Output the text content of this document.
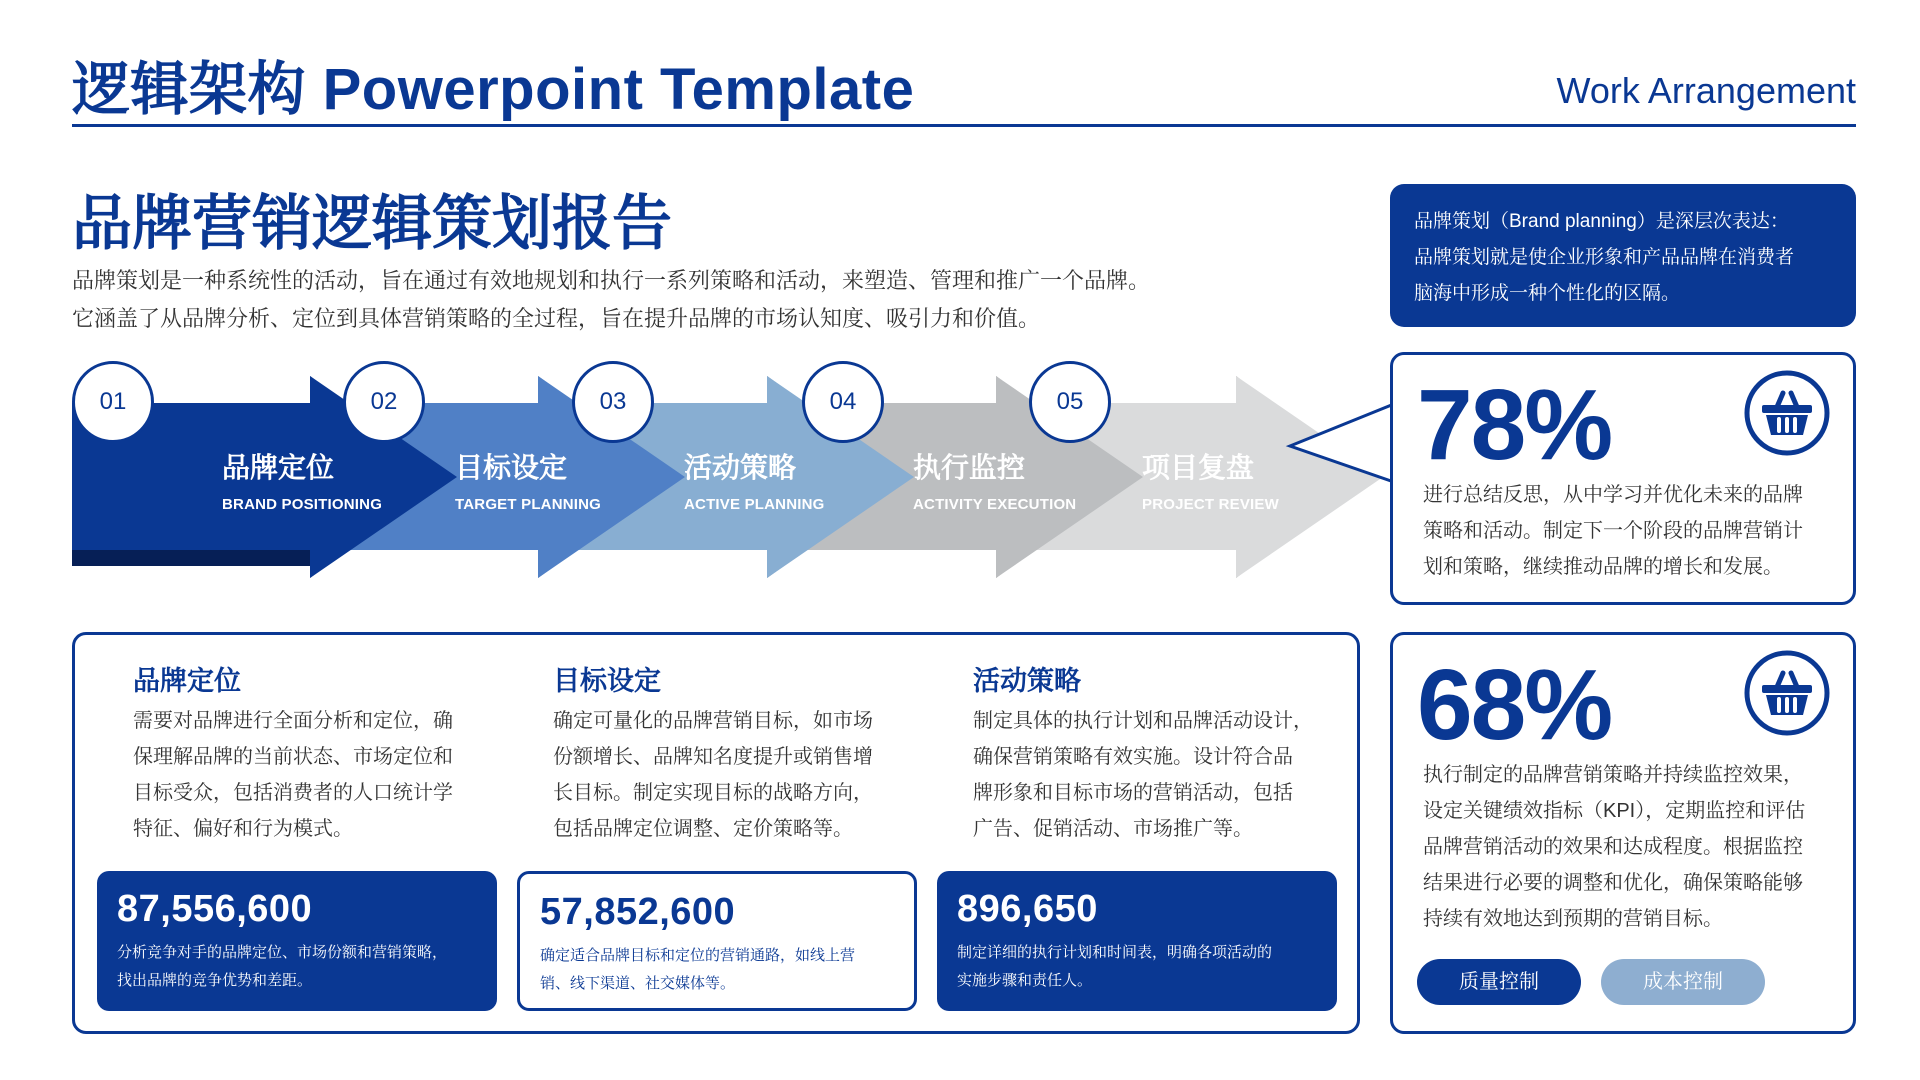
逻辑架构 Powerpoint Template	Work Arrangement
品牌营销逻辑策划报告
品牌策划是一种系统性的活动，旨在通过有效地规划和执行一系列策略和活动，来塑造、管理和推广一个品牌。
它涵盖了从品牌分析、定位到具体营销策略的全过程，旨在提升品牌的市场认知度、吸引力和价值。
品牌策划（Brand planning）是深层次表达：
品牌策划就是使企业形象和产品品牌在消费者
脑海中形成一种个性化的区隔。
01
品牌定位
BRAND POSITIONING
02
目标设定
TARGET PLANNING
03
活动策略
ACTIVE PLANNING
04
执行监控
ACTIVITY EXECUTION
05
项目复盘
PROJECT REVIEW
品牌定位
需要对品牌进行全面分析和定位，确
保理解品牌的当前状态、市场定位和
目标受众，包括消费者的人口统计学
特征、偏好和行为模式。
87,556,600
分析竞争对手的品牌定位、市场份额和营销策略，
找出品牌的竞争优势和差距。
目标设定
确定可量化的品牌营销目标，如市场
份额增长、品牌知名度提升或销售增
长目标。制定实现目标的战略方向，
包括品牌定位调整、定价策略等。
57,852,600
确定适合品牌目标和定位的营销通路，如线上营
销、线下渠道、社交媒体等。
活动策略
制定具体的执行计划和品牌活动设计，
确保营销策略有效实施。设计符合品
牌形象和目标市场的营销活动，包括
广告、促销活动、市场推广等。
896,650
制定详细的执行计划和时间表，明确各项活动的
实施步骤和责任人。
78%
进行总结反思，从中学习并优化未来的品牌
策略和活动。制定下一个阶段的品牌营销计
划和策略，继续推动品牌的增长和发展。
68%
执行制定的品牌营销策略并持续监控效果，
设定关键绩效指标（KPI），定期监控和评估
品牌营销活动的效果和达成程度。根据监控
结果进行必要的调整和优化，确保策略能够
持续有效地达到预期的营销目标。
质量控制	成本控制
